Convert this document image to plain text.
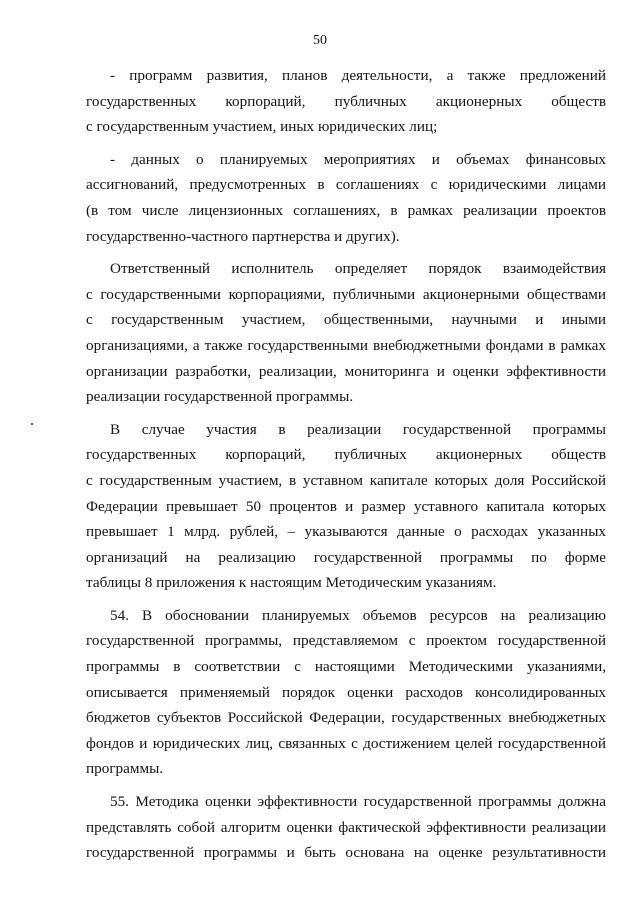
50
- программ развития, планов деятельности, а также предложений
государственных корпораций, публичных акционерных обществ
с государственным участием, иных юридических лиц;
- данных о планируемых мероприятиях и объемах финансовых
ассигнований, предусмотренных в соглашениях с юридическими лицами
(в том числе лицензионных соглашениях, в рамках реализации проектов
государственно-частного партнерства и других).
Ответственный исполнитель определяет порядок взаимодействия
с государственными корпорациями, публичными акционерными обществами
с государственным участием, общественными, научными и иными
организациями, а также государственными внебюджетными фондами в рамках
организации разработки, реализации, мониторинга и оценки эффективности
реализации государственной программы.
В случае участия в реализации государственной программы
государственных корпораций, публичных акционерных обществ
с государственным участием, в уставном капитале которых доля Российской
Федерации превышает 50 процентов и размер уставного капитала которых
превышает 1 млрд. рублей, – указываются данные о расходах указанных
организаций на реализацию государственной программы по форме
таблицы 8 приложения к настоящим Методическим указаниям.
54. В обосновании планируемых объемов ресурсов на реализацию
государственной программы, представляемом с проектом государственной
программы в соответствии с настоящими Методическими указаниями,
описывается применяемый порядок оценки расходов консолидированных
бюджетов субъектов Российской Федерации, государственных внебюджетных
фондов и юридических лиц, связанных с достижением целей государственной
программы.
55. Методика оценки эффективности государственной программы должна
представлять собой алгоритм оценки фактической эффективности реализации
государственной программы и быть основана на оценке результативности
